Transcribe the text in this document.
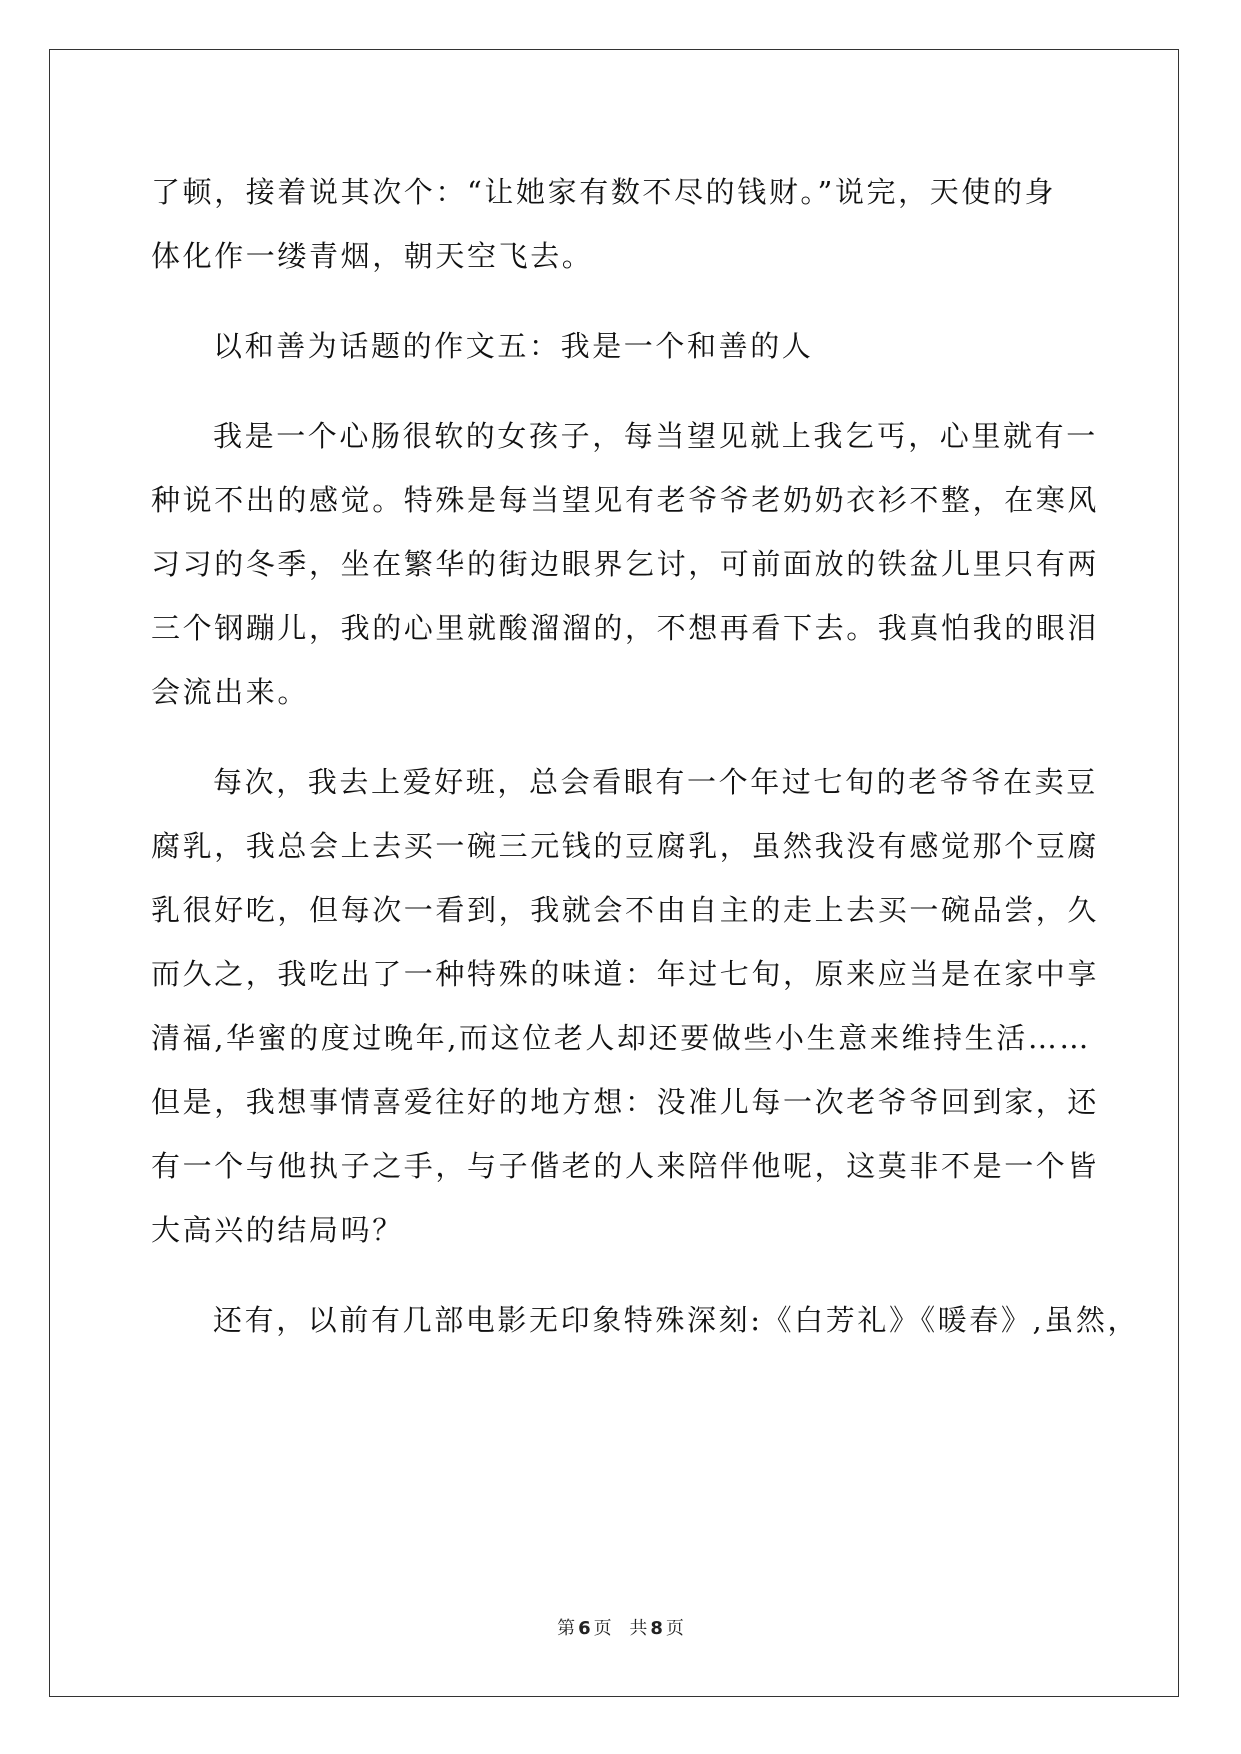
了顿，接着说其次个：“让她家有数不尽的钱财。”说完，天使的身
体化作一缕青烟，朝天空飞去。
以和善为话题的作文五：我是一个和善的人
我是一个心肠很软的女孩子，每当望见就上我乞丐，心里就有一
种说不出的感觉。特殊是每当望见有老爷爷老奶奶衣衫不整，在寒风
习习的冬季，坐在繁华的街边眼界乞讨，可前面放的铁盆儿里只有两
三个钢蹦儿，我的心里就酸溜溜的，不想再看下去。我真怕我的眼泪
会流出来。
每次，我去上爱好班，总会看眼有一个年过七旬的老爷爷在卖豆
腐乳，我总会上去买一碗三元钱的豆腐乳，虽然我没有感觉那个豆腐
乳很好吃，但每次一看到，我就会不由自主的走上去买一碗品尝，久
而久之，我吃出了一种特殊的味道：年过七旬，原来应当是在家中享
清福,华蜜的度过晚年,而这位老人却还要做些小生意来维持生活……
但是，我想事情喜爱往好的地方想：没准儿每一次老爷爷回到家，还
有一个与他执子之手，与子偕老的人来陪伴他呢，这莫非不是一个皆
大高兴的结局吗？
还有，以前有几部电影无印象特殊深刻:《白芳礼》《暖春》,虽然，
第 6 页 共 8 页
